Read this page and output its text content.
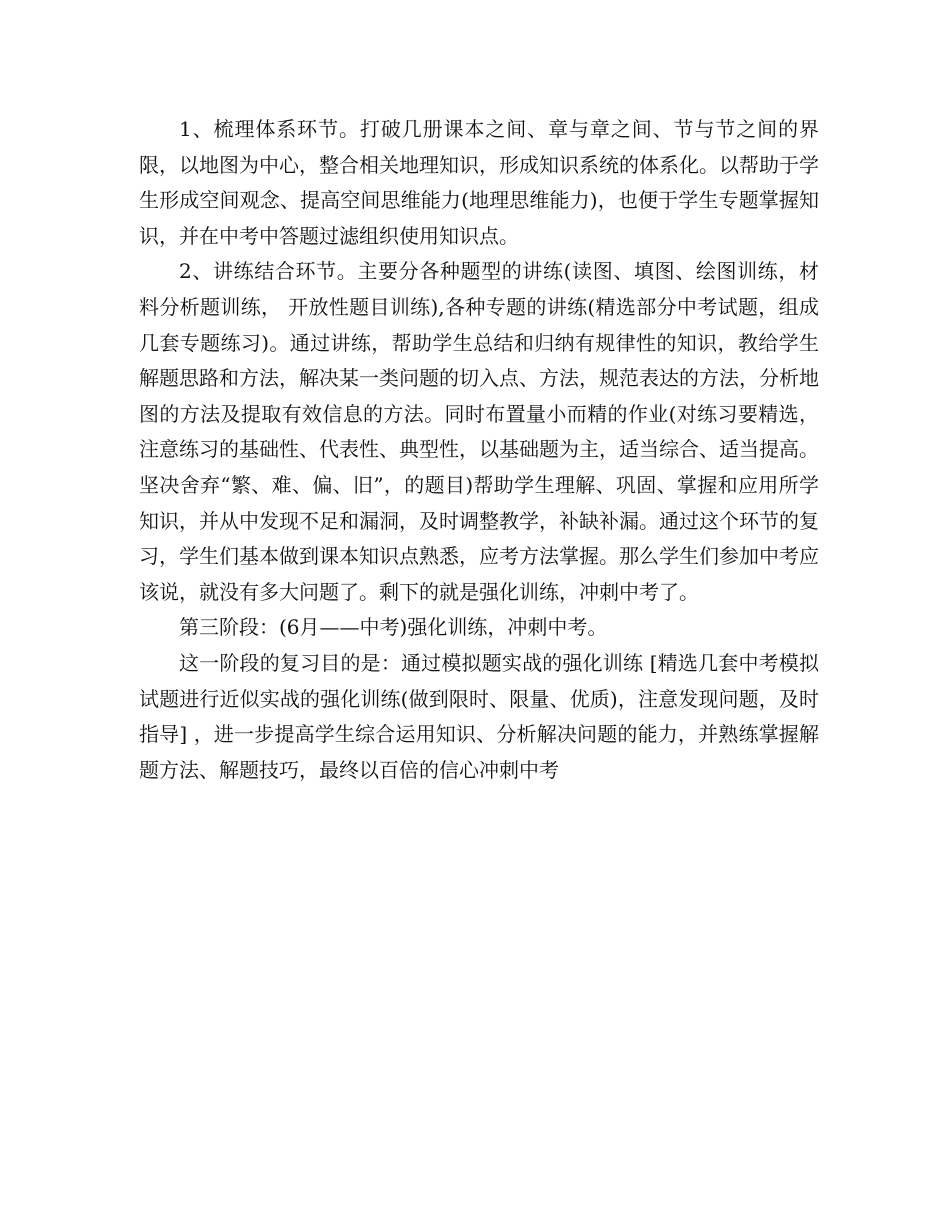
1、梳理体系环节。打破几册课本之间、章与章之间、节与节之间的界限，以地图为中心，整合相关地理知识，形成知识系统的体系化。以帮助于学生形成空间观念、提高空间思维能力(地理思维能力)，也便于学生专题掌握知识，并在中考中答题过滤组织使用知识点。

2、讲练结合环节。主要分各种题型的讲练(读图、填图、绘图训练，材料分析题训练， 开放性题目训练),各种专题的讲练(精选部分中考试题，组成几套专题练习)。通过讲练，帮助学生总结和归纳有规律性的知识，教给学生解题思路和方法，解决某一类问题的切入点、方法，规范表达的方法，分析地图的方法及提取有效信息的方法。同时布置量小而精的作业(对练习要精选，注意练习的基础性、代表性、典型性，以基础题为主，适当综合、适当提高。坚决舍弃“繁、难、偏、旧”，的题目)帮助学生理解、巩固、掌握和应用所学知识，并从中发现不足和漏洞，及时调整教学，补缺补漏。通过这个环节的复习，学生们基本做到课本知识点熟悉，应考方法掌握。那么学生们参加中考应该说，就没有多大问题了。剩下的就是强化训练，冲刺中考了。

第三阶段：(6月——中考)强化训练，冲刺中考。

这一阶段的复习目的是：通过模拟题实战的强化训练 [精选几套中考模拟试题进行近似实战的强化训练(做到限时、限量、优质)，注意发现问题，及时指导] ，进一步提高学生综合运用知识、分析解决问题的能力，并熟练掌握解题方法、解题技巧，最终以百倍的信心冲刺中考
